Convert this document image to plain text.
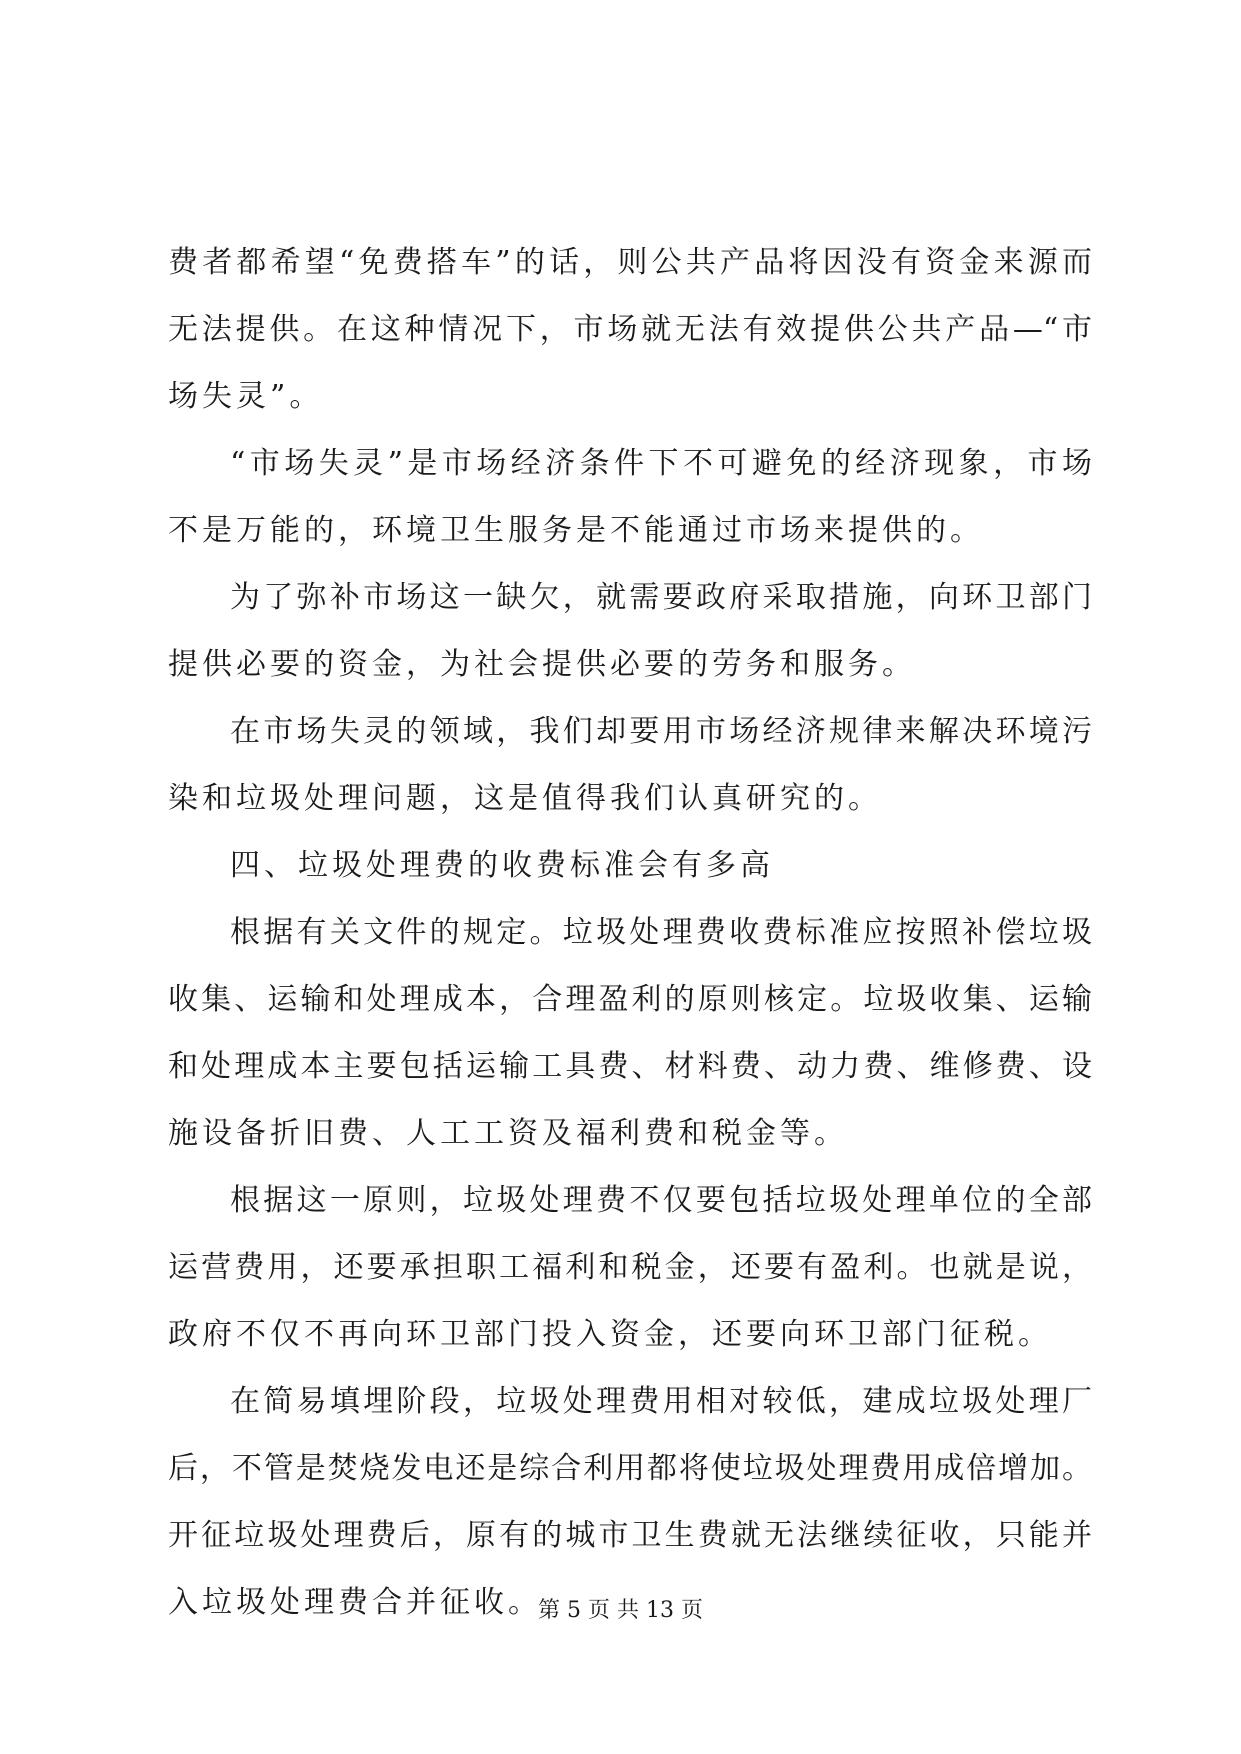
费者都希望“免费搭车”的话，则公共产品将因没有资金来源而
无法提供。在这种情况下，市场就无法有效提供公共产品—“市
场失灵”。
“市场失灵”是市场经济条件下不可避免的经济现象，市场
不是万能的，环境卫生服务是不能通过市场来提供的。
为了弥补市场这一缺欠，就需要政府采取措施，向环卫部门
提供必要的资金，为社会提供必要的劳务和服务。
在市场失灵的领域，我们却要用市场经济规律来解决环境污
染和垃圾处理问题，这是值得我们认真研究的。
四、垃圾处理费的收费标准会有多高
根据有关文件的规定。垃圾处理费收费标准应按照补偿垃圾
收集、运输和处理成本，合理盈利的原则核定。垃圾收集、运输
和处理成本主要包括运输工具费、材料费、动力费、维修费、设
施设备折旧费、人工工资及福利费和税金等。
根据这一原则，垃圾处理费不仅要包括垃圾处理单位的全部
运营费用，还要承担职工福利和税金，还要有盈利。也就是说，
政府不仅不再向环卫部门投入资金，还要向环卫部门征税。
在简易填埋阶段，垃圾处理费用相对较低，建成垃圾处理厂
后，不管是焚烧发电还是综合利用都将使垃圾处理费用成倍增加。
开征垃圾处理费后，原有的城市卫生费就无法继续征收，只能并
入垃圾处理费合并征收。
第 5 页 共 13 页
